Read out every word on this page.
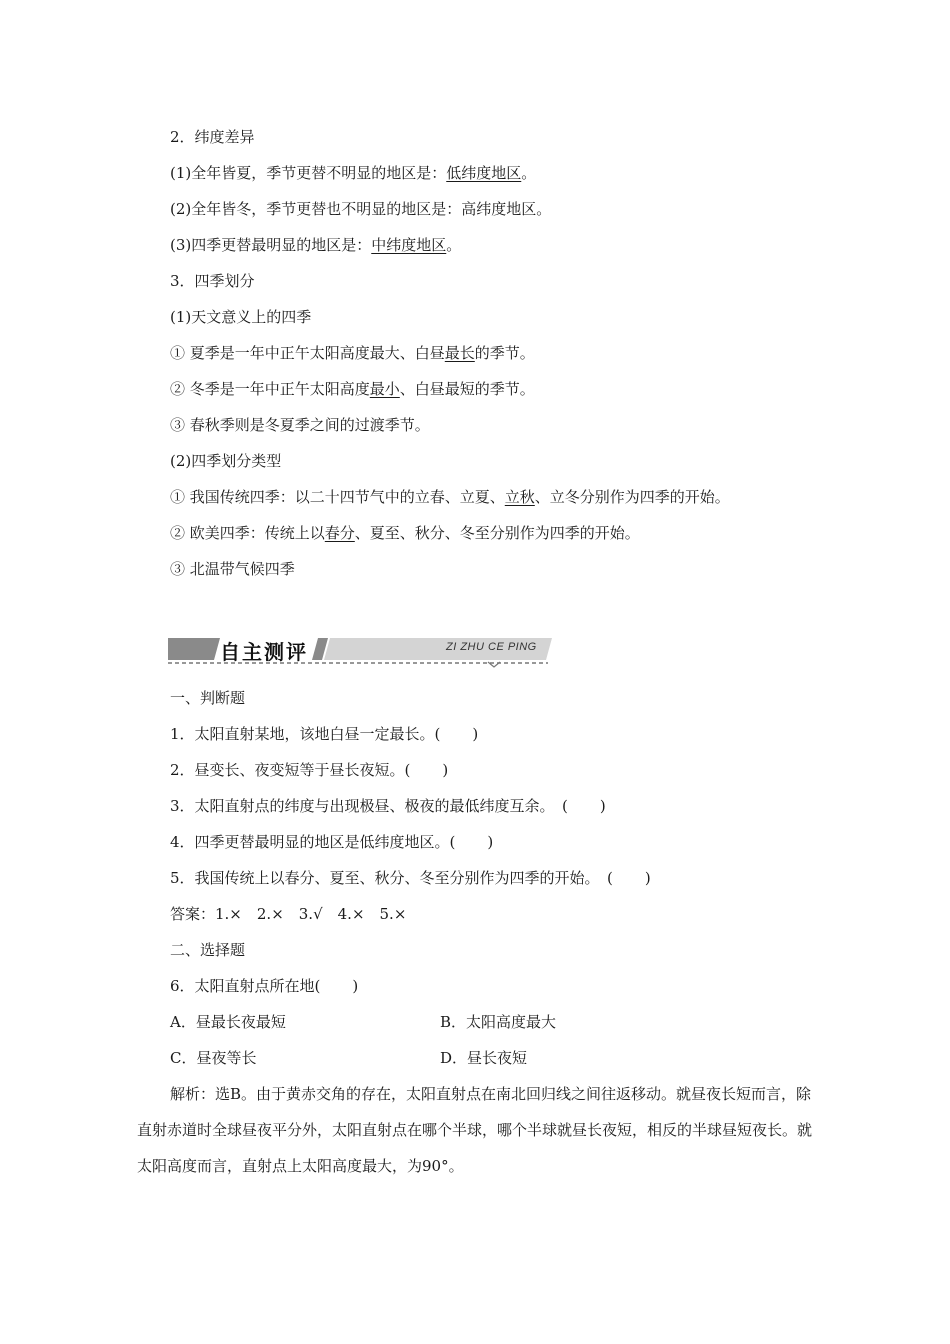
2．纬度差异
(1)全年皆夏，季节更替不明显的地区是：低纬度地区。
(2)全年皆冬，季节更替也不明显的地区是：高纬度地区。
(3)四季更替最明显的地区是：中纬度地区。
3．四季划分
(1)天文意义上的四季
① 夏季是一年中正午太阳高度最大、白昼最长的季节。
② 冬季是一年中正午太阳高度最小、白昼最短的季节。
③ 春秋季则是冬夏季之间的过渡季节。
(2)四季划分类型
① 我国传统四季：以二十四节气中的立春、立夏、立秋、立冬分别作为四季的开始。
② 欧美四季：传统上以春分、夏至、秋分、冬至分别作为四季的开始。
③ 北温带气候四季
自主测评	ZI ZHU CE PING
一、判断题
1．太阳直射某地，该地白昼一定最长。( )
2．昼变长、夜变短等于昼长夜短。( )
3．太阳直射点的纬度与出现极昼、极夜的最低纬度互余。　( )
4．四季更替最明显的地区是低纬度地区。( )
5．我国传统上以春分、夏至、秋分、冬至分别作为四季的开始。　( )
答案：1.×　2.×　3.√　4.×　5.×
二、选择题
6．太阳直射点所在地( )
A．昼最长夜最短	B．太阳高度最大
C．昼夜等长	D．昼长夜短
解析：选B。由于黄赤交角的存在，太阳直射点在南北回归线之间往返移动。就昼夜长短而言，除直射赤道时全球昼夜平分外，太阳直射点在哪个半球，哪个半球就昼长夜短，相反的半球昼短夜长。就太阳高度而言，直射点上太阳高度最大，为90°。
